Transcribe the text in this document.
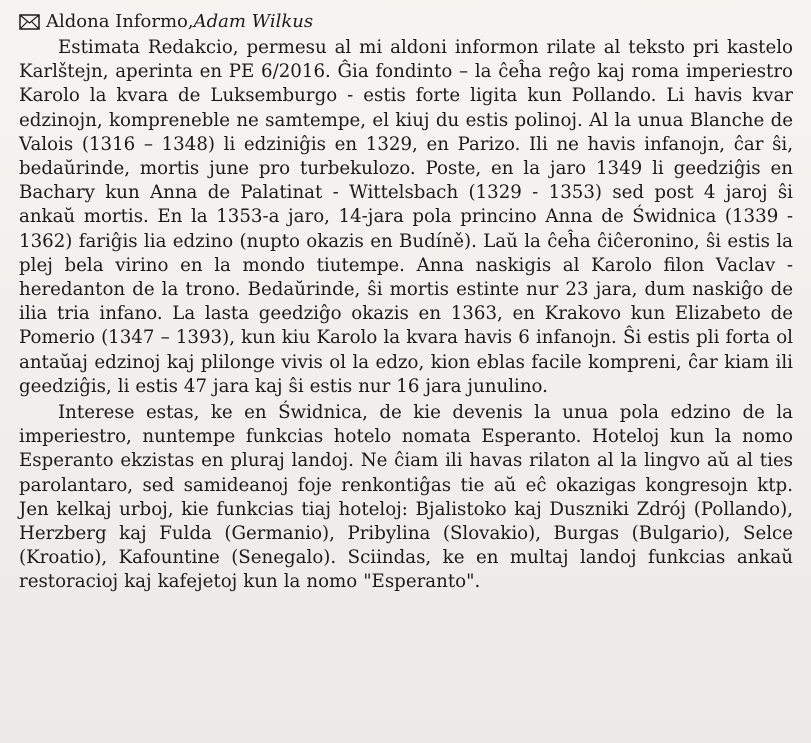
Aldona Informo, Adam Wilkus

Estimata Redakcio, permesu al mi aldoni informon rilate al teksto pri kastelo Karlštejn, aperinta en PE 6/2016. Ĝia fondinto – la ĉeĥa reĝo kaj roma imperiestro Karolo la kvara de Luksemburgo - estis forte ligita kun Pollando. Li havis kvar edzinojn, kompreneble ne samtempe, el kiuj du estis polinoj. Al la unua Blanche de Valois (1316 – 1348) li edziniĝis en 1329, en Parizo. Ili ne havis infanojn, ĉar ŝi, bedaŭrinde, mortis june pro turbekulozo. Poste, en la jaro 1349 li geedziĝis en Bachary kun Anna de Palatinat - Wittelsbach (1329 - 1353) sed post 4 jaroj ŝi ankaŭ mortis. En la 1353-a jaro, 14-jara pola princino Anna de Świdnica (1339 - 1362) fariĝis lia edzino (nupto okazis en Budíně). Laŭ la ĉeĥa ĉiĉeronino, ŝi estis la plej bela virino en la mondo tiutempe. Anna naskigis al Karolo filon Vaclav - heredanton de la trono. Bedaŭrinde, ŝi mortis estinte nur 23 jara, dum naskiĝo de ilia tria infano. La lasta geedziĝo okazis en 1363, en Krakovo kun Elizabeto de Pomerio (1347 – 1393), kun kiu Karolo la kvara havis 6 infanojn. Ŝi estis pli forta ol antaŭaj edzinoj kaj plilonge vivis ol la edzo, kion eblas facile kompreni, ĉar kiam ili geedziĝis, li estis 47 jara kaj ŝi estis nur 16 jara junulino.

Interese estas, ke en Świdnica, de kie devenis la unua pola edzino de la imperiestro, nuntempe funkcias hotelo nomata Esperanto. Hoteloj kun la nomo Esperanto ekzistas en pluraj landoj. Ne ĉiam ili havas rilaton al la lingvo aŭ al ties parolantaro, sed samideanoj foje renkontiĝas tie aŭ eĉ okazigas kongresojn ktp. Jen kelkaj urboj, kie funkcias tiaj hoteloj: Bjalistoko kaj Duszniki Zdrój (Pollando), Herzberg kaj Fulda (Germanio), Pribylina (Slovakio), Burgas (Bulgario), Selce (Kroatio), Kafountine (Senegalo). Sciindas, ke en multaj landoj funkcias ankaŭ restoracioj kaj kafejetoj kun la nomo "Esperanto".
